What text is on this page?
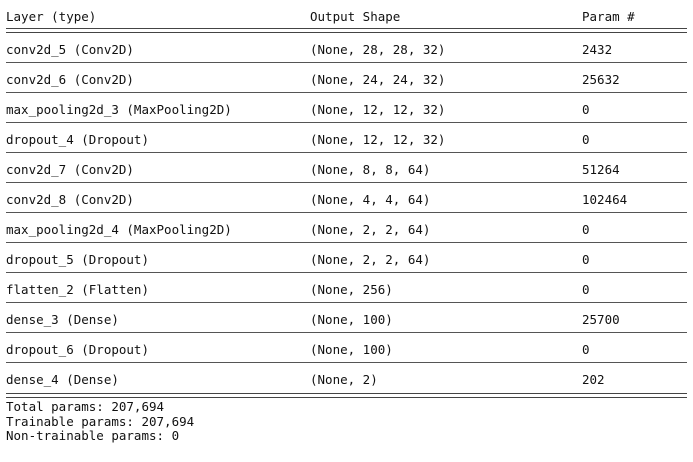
Layer (type)	Output Shape	Param #
conv2d_5 (Conv2D)	(None, 28, 28, 32)	2432
conv2d_6 (Conv2D)	(None, 24, 24, 32)	25632
max_pooling2d_3 (MaxPooling2D)	(None, 12, 12, 32)	0
dropout_4 (Dropout)	(None, 12, 12, 32)	0
conv2d_7 (Conv2D)	(None, 8, 8, 64)	51264
conv2d_8 (Conv2D)	(None, 4, 4, 64)	102464
max_pooling2d_4 (MaxPooling2D)	(None, 2, 2, 64)	0
dropout_5 (Dropout)	(None, 2, 2, 64)	0
flatten_2 (Flatten)	(None, 256)	0
dense_3 (Dense)	(None, 100)	25700
dropout_6 (Dropout)	(None, 100)	0
dense_4 (Dense)	(None, 2)	202
Total params: 207,694
Trainable params: 207,694
Non-trainable params: 0
